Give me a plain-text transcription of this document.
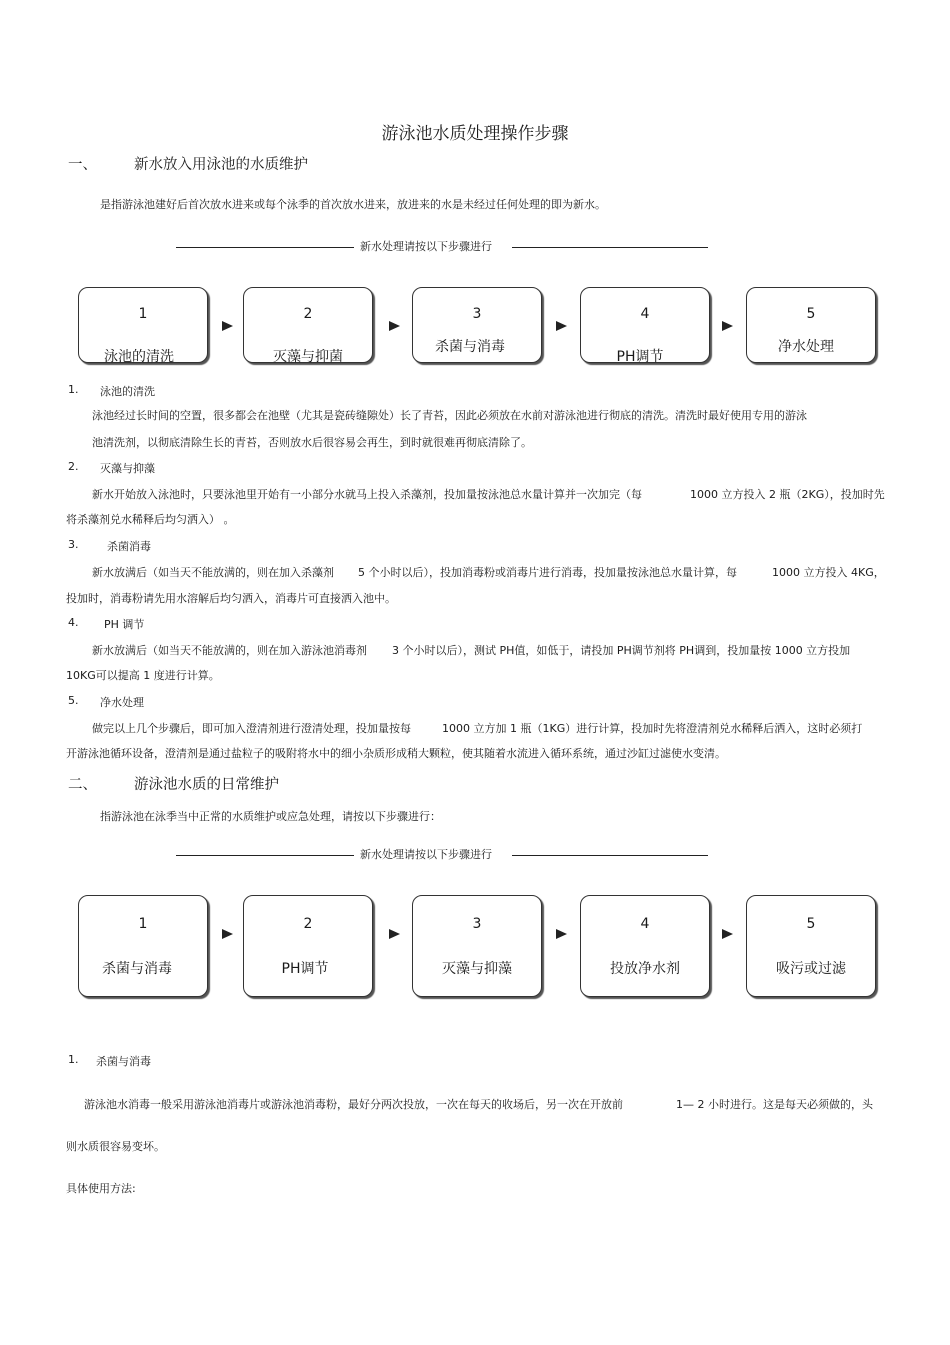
游泳池水质处理操作步骤
一、	新水放入用泳池的水质维护
是指游泳池建好后首次放水进来或每个泳季的首次放水进来，放进来的水是未经过任何处理的即为新水。
新水处理请按以下步骤进行
1
泳池的清洗
2
灭藻与抑菌
3
杀菌与消毒
4
PH调节
5
净水处理
1. 泳池的清洗
泳池经过长时间的空置，很多都会在池壁（尤其是瓷砖缝隙处）长了青苔，因此必须放在水前对游泳池进行彻底的清洗。清洗时最好使用专用的游泳
池清洗剂，以彻底清除生长的青苔，否则放水后很容易会再生，到时就很难再彻底清除了。
2. 灭藻与抑藻
新水开始放入泳池时，只要泳池里开始有一小部分水就马上投入杀藻剂，投加量按泳池总水量计算并一次加完（每	1000 立方投入 2 瓶（2KG），投加时先
将杀藻剂兑水稀释后均匀洒入） 。
3.	杀菌消毒
新水放满后（如当天不能放满的，则在加入杀藻剂 5 个小时以后），投加消毒粉或消毒片进行消毒，投加量按泳池总水量计算，每	1000 立方投入 4KG，
投加时，消毒粉请先用水溶解后均匀洒入，消毒片可直接洒入池中。
4. PH 调节
新水放满后（如当天不能放满的，则在加入游泳池消毒剂 3 个小时以后），测试 PH值，如低于，请投加 PH调节剂将 PH调到，投加量按 1000 立方投加
10KG可以提高 1 度进行计算。
5. 净水处理
做完以上几个步骤后，即可加入澄清剂进行澄清处理，投加量按每	1000 立方加 1 瓶（1KG）进行计算，投加时先将澄清剂兑水稀释后洒入，这时必须打
开游泳池循环设备，澄清剂是通过盐粒子的吸附将水中的细小杂质形成稍大颗粒，使其随着水流进入循环系统，通过沙缸过滤使水变清。
二、	游泳池水质的日常维护
指游泳池在泳季当中正常的水质维护或应急处理，请按以下步骤进行：
新水处理请按以下步骤进行
1
杀菌与消毒
2
PH调节
3
灭藻与抑藻
4
投放净水剂
5
吸污或过滤
1. 杀菌与消毒
游泳池水消毒一般采用游泳池消毒片或游泳池消毒粉，最好分两次投放，一次在每天的收场后，另一次在开放前	1— 2 小时进行。这是每天必须做的，头
则水质很容易变坏。
具体使用方法:
